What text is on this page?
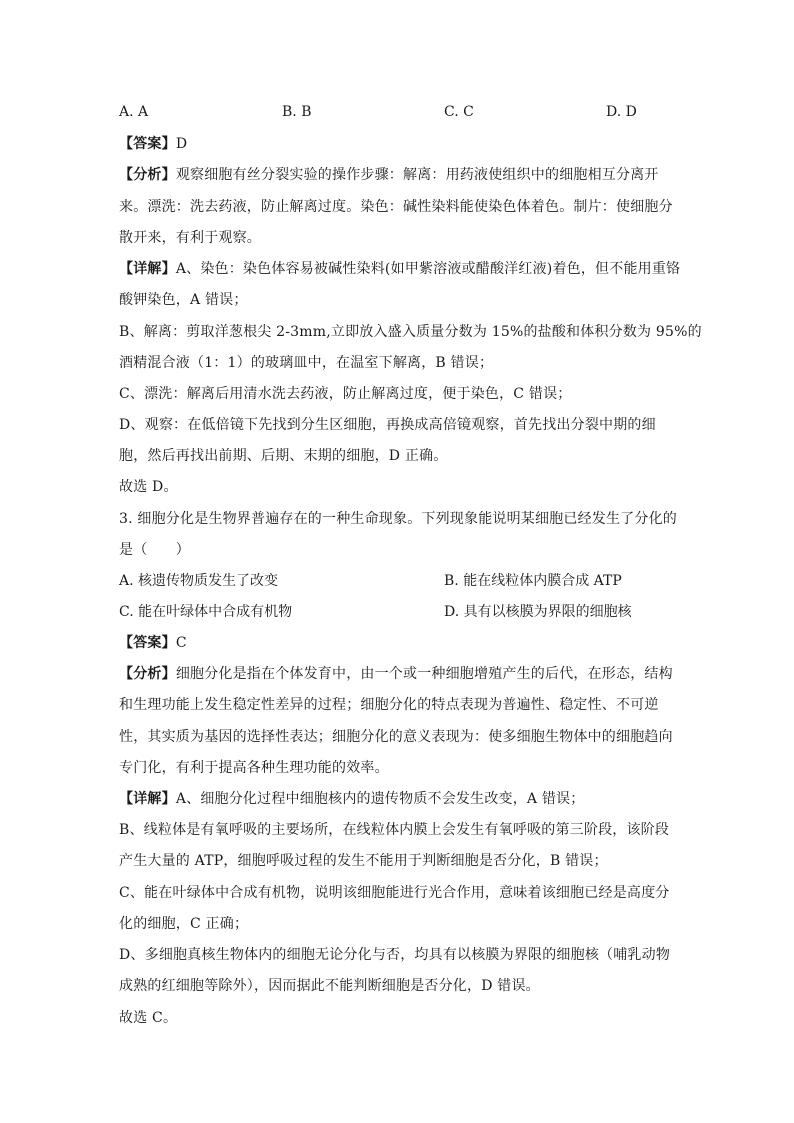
A. A	B. B	C. C	D. D
【答案】D
【分析】观察细胞有丝分裂实验的操作步骤：解离：用药液使组织中的细胞相互分离开
来。漂洗：洗去药液，防止解离过度。染色：碱性染料能使染色体着色。制片：使细胞分
散开来，有利于观察。
【详解】A、染色：染色体容易被碱性染料(如甲紫溶液或醋酸洋红液)着色，但不能用重铬
酸钾染色，A 错误；
B、解离：剪取洋葱根尖 2-3mm,立即放入盛入质量分数为 15%的盐酸和体积分数为 95%的
酒精混合液（1：1）的玻璃皿中，在温室下解离，B 错误；
C、漂洗：解离后用清水洗去药液，防止解离过度，便于染色，C 错误；
D、观察：在低倍镜下先找到分生区细胞，再换成高倍镜观察，首先找出分裂中期的细
胞，然后再找出前期、后期、末期的细胞，D 正确。
故选 D。
3. 细胞分化是生物界普遍存在的一种生命现象。下列现象能说明某细胞已经发生了分化的
是（　　）
A. 核遗传物质发生了改变	B. 能在线粒体内膜合成 ATP
C. 能在叶绿体中合成有机物	D. 具有以核膜为界限的细胞核
【答案】C
【分析】细胞分化是指在个体发育中，由一个或一种细胞增殖产生的后代，在形态，结构
和生理功能上发生稳定性差异的过程；细胞分化的特点表现为普遍性、稳定性、不可逆
性，其实质为基因的选择性表达；细胞分化的意义表现为：使多细胞生物体中的细胞趋向
专门化，有利于提高各种生理功能的效率。
【详解】A、细胞分化过程中细胞核内的遗传物质不会发生改变，A 错误；
B、线粒体是有氧呼吸的主要场所，在线粒体内膜上会发生有氧呼吸的第三阶段，该阶段
产生大量的 ATP，细胞呼吸过程的发生不能用于判断细胞是否分化，B 错误；
C、能在叶绿体中合成有机物，说明该细胞能进行光合作用，意味着该细胞已经是高度分
化的细胞，C 正确；
D、多细胞真核生物体内的细胞无论分化与否，均具有以核膜为界限的细胞核（哺乳动物
成熟的红细胞等除外），因而据此不能判断细胞是否分化，D 错误。
故选 C。
